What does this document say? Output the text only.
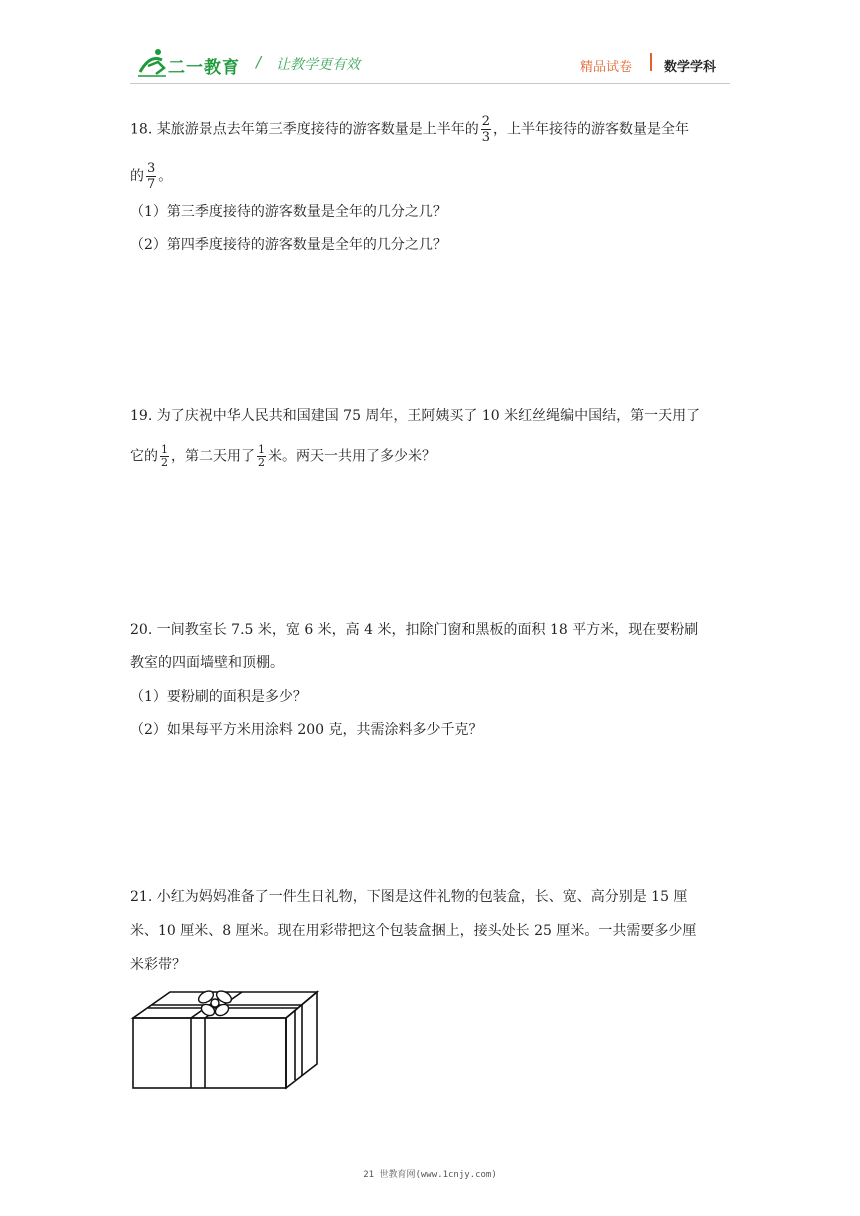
二一教育 / 让教学更有效	精品试卷 数学学科
18. 某旅游景点去年第三季度接待的游客数量是上半年的 $\frac{2}{3}$ ，上半年接待的游客数量是全年
的 $\frac{3}{7}$ 。
（1）第三季度接待的游客数量是全年的几分之几？
（2）第四季度接待的游客数量是全年的几分之几？
19. 为了庆祝中华人民共和国建国 75 周年，王阿姨买了 10 米红丝绳编中国结，第一天用了
它的 $\frac{1}{2}$ ，第二天用了 $\frac{1}{2}$ 米。两天一共用了多少米？
20. 一间教室长 7.5 米，宽 6 米，高 4 米，扣除门窗和黑板的面积 18 平方米，现在要粉刷
教室的四面墙壁和顶棚。
（1）要粉刷的面积是多少？
（2）如果每平方米用涂料 200 克，共需涂料多少千克？
21. 小红为妈妈准备了一件生日礼物，下图是这件礼物的包装盒，长、宽、高分别是 15 厘
米、10 厘米、8 厘米。现在用彩带把这个包装盒捆上，接头处长 25 厘米。一共需要多少厘
米彩带？
21 世教育网(www.1cnjy.com)
